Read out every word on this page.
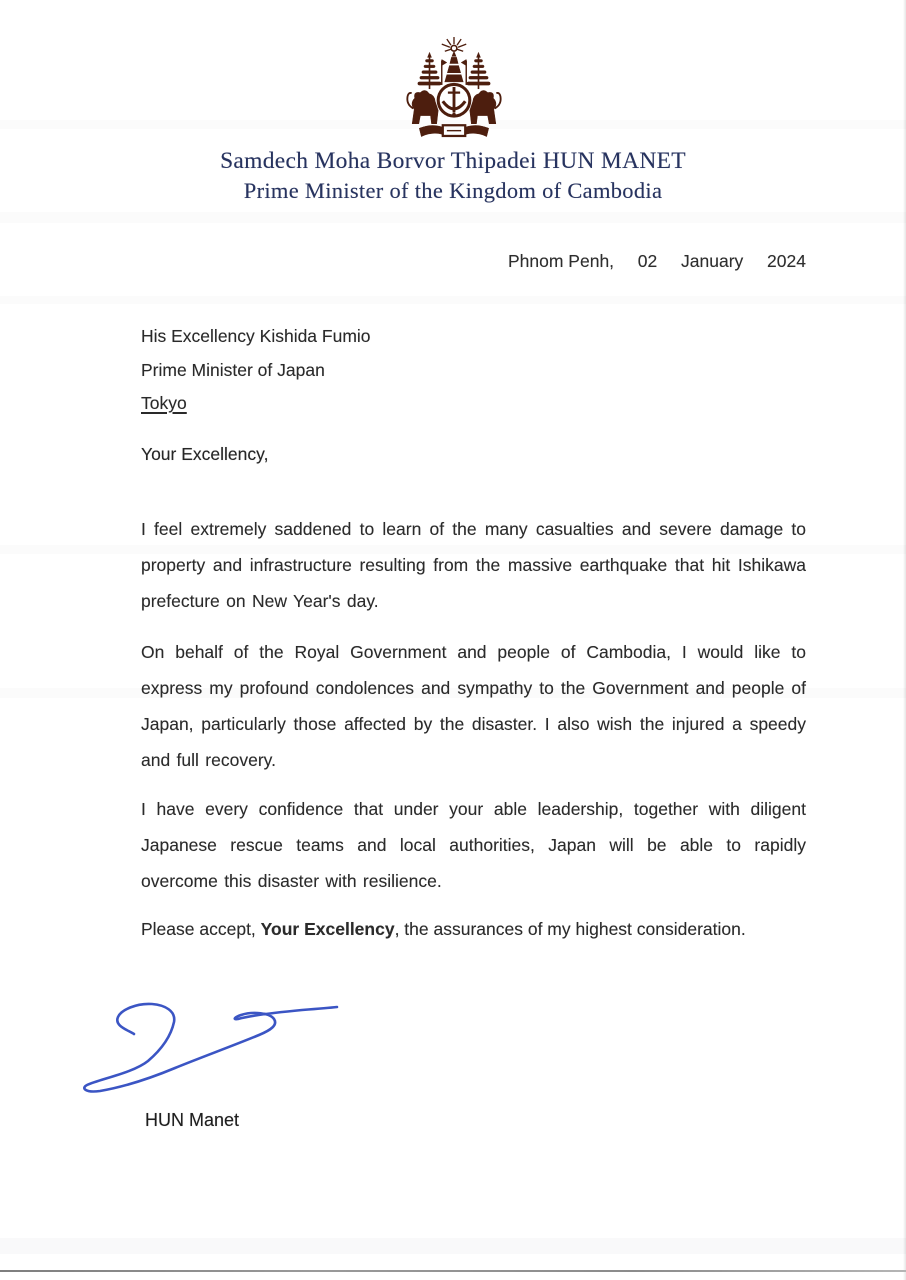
Samdech Moha Borvor Thipadei HUN MANET
Prime Minister of the Kingdom of Cambodia
Phnom Penh, 02 January 2024
His Excellency Kishida Fumio
Prime Minister of Japan
Tokyo
Your Excellency,
I feel extremely saddened to learn of the many casualties and severe damage to property and infrastructure resulting from the massive earthquake that hit Ishikawa prefecture on New Year's day.
On behalf of the Royal Government and people of Cambodia, I would like to express my profound condolences and sympathy to the Government and people of Japan, particularly those affected by the disaster. I also wish the injured a speedy and full recovery.
I have every confidence that under your able leadership, together with diligent Japanese rescue teams and local authorities, Japan will be able to rapidly overcome this disaster with resilience.
Please accept, Your Excellency, the assurances of my highest consideration.
HUN Manet
